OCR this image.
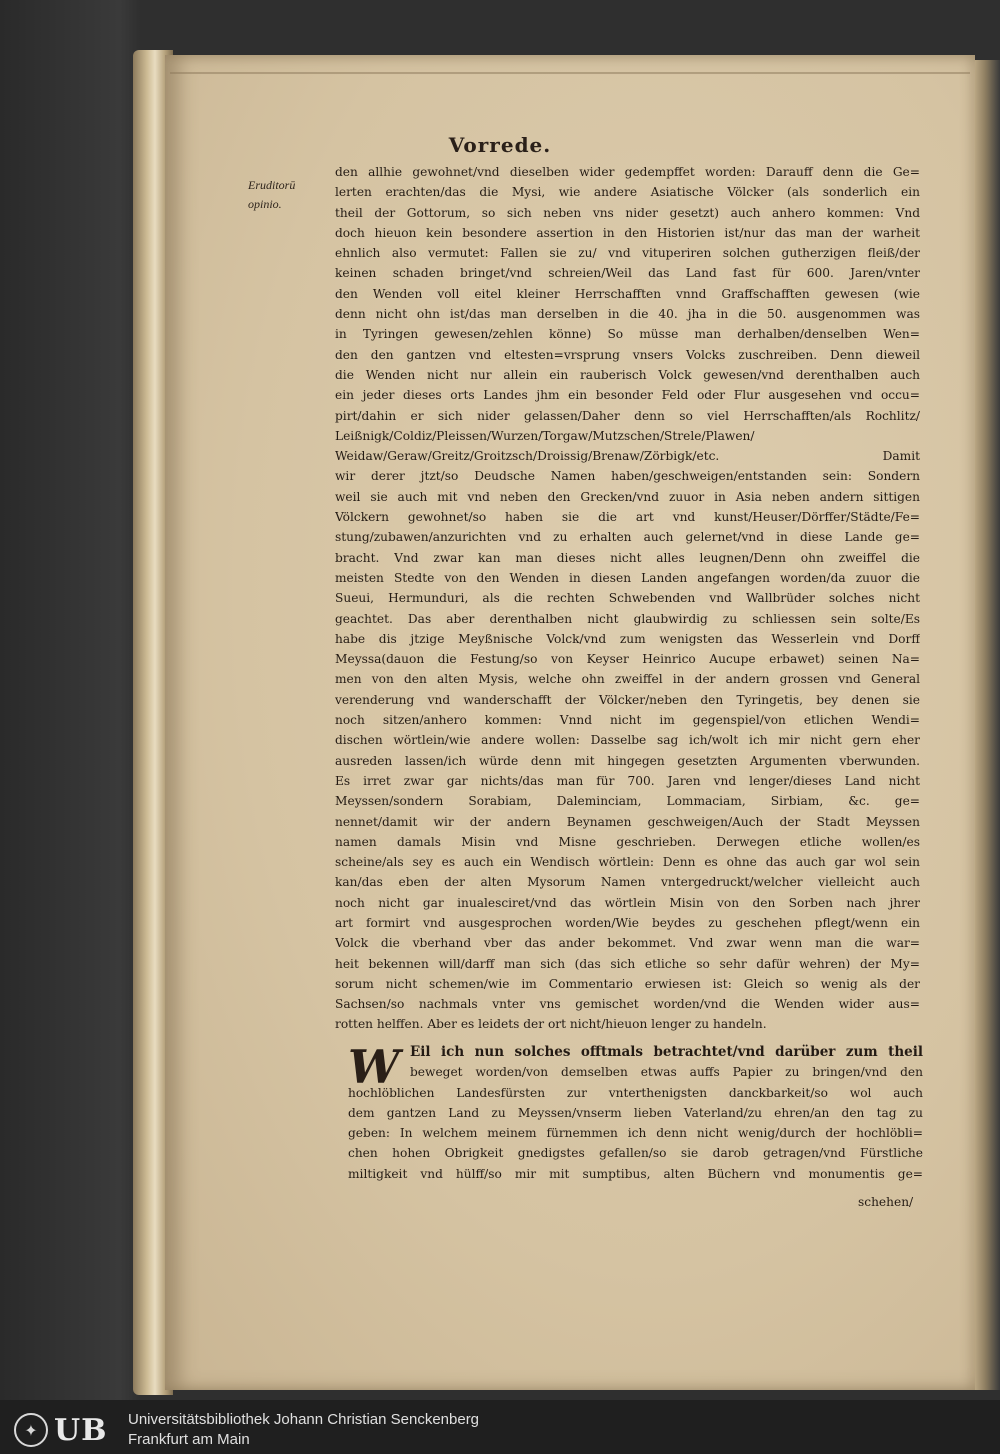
Vorrede.
Eruditorū
opinio.
den allhie gewohnet/vnd dieselben wider gedempffet worden: Darauff denn die Ge=
lerten erachten/das die Mysi, wie andere Asiatische Völcker (als sonderlich ein
theil der Gottorum, so sich neben vns nider gesetzt) auch anhero kommen: Vnd
doch hieuon kein besondere assertion in den Historien ist/nur das man der warheit
ehnlich also vermutet: Fallen sie zu/ vnd vituperiren solchen gutherzigen fleiß/der
keinen schaden bringet/vnd schreien/Weil das Land fast für 600. Jaren/vnter
den Wenden voll eitel kleiner Herrschafften vnnd Graffschafften gewesen (wie
denn nicht ohn ist/das man derselben in die 40. jha in die 50. ausgenommen was
in Tyringen gewesen/zehlen könne) So müsse man derhalben/denselben Wen=
den den gantzen vnd eltesten=vrsprung vnsers Volcks zuschreiben. Denn dieweil
die Wenden nicht nur allein ein rauberisch Volck gewesen/vnd derenthalben auch
ein jeder dieses orts Landes jhm ein besonder Feld oder Flur ausgesehen vnd occu=
pirt/dahin er sich nider gelassen/Daher denn so viel Herrschafften/als Rochlitz/
Leißnigk/Coldiz/Pleissen/Wurzen/Torgaw/Mutzschen/Strele/Plawen/
Weidaw/Geraw/Greitz/Groitzsch/Droissig/Brenaw/Zörbigk/etc. Damit
wir derer jtzt/so Deudsche Namen haben/geschweigen/entstanden sein: Sondern
weil sie auch mit vnd neben den Grecken/vnd zuuor in Asia neben andern sittigen
Völckern gewohnet/so haben sie die art vnd kunst/Heuser/Dörffer/Städte/Fe=
stung/zubawen/anzurichten vnd zu erhalten auch gelernet/vnd in diese Lande ge=
bracht. Vnd zwar kan man dieses nicht alles leugnen/Denn ohn zweiffel die
meisten Stedte von den Wenden in diesen Landen angefangen worden/da zuuor die
Sueui, Hermunduri, als die rechten Schwebenden vnd Wallbrüder solches nicht
geachtet. Das aber derenthalben nicht glaubwirdig zu schliessen sein solte/Es
habe dis jtzige Meyßnische Volck/vnd zum wenigsten das Wesserlein vnd Dorff
Meyssa(dauon die Festung/so von Keyser Heinrico Aucupe erbawet) seinen Na=
men von den alten Mysis, welche ohn zweiffel in der andern grossen vnd General
verenderung vnd wanderschafft der Völcker/neben den Tyringetis, bey denen sie
noch sitzen/anhero kommen: Vnnd nicht im gegenspiel/von etlichen Wendi=
dischen wörtlein/wie andere wollen: Dasselbe sag ich/wolt ich mir nicht gern eher
ausreden lassen/ich würde denn mit hingegen gesetzten Argumenten vberwunden.
Es irret zwar gar nichts/das man für 700. Jaren vnd lenger/dieses Land nicht
Meyssen/sondern Sorabiam, Daleminciam, Lommaciam, Sirbiam, &c. ge=
nennet/damit wir der andern Beynamen geschweigen/Auch der Stadt Meyssen
namen damals Misin vnd Misne geschrieben. Derwegen etliche wollen/es
scheine/als sey es auch ein Wendisch wörtlein: Denn es ohne das auch gar wol sein
kan/das eben der alten Mysorum Namen vntergedruckt/welcher vielleicht auch
noch nicht gar inualesciret/vnd das wörtlein Misin von den Sorben nach jhrer
art formirt vnd ausgesprochen worden/Wie beydes zu geschehen pflegt/wenn ein
Volck die vberhand vber das ander bekommet. Vnd zwar wenn man die war=
heit bekennen will/darff man sich (das sich etliche so sehr dafür wehren) der My=
sorum nicht schemen/wie im Commentario erwiesen ist: Gleich so wenig als der
Sachsen/so nachmals vnter vns gemischet worden/vnd die Wenden wider aus=
rotten helffen. Aber es leidets der ort nicht/hieuon lenger zu handeln.
W Eil ich nun solches offtmals betrachtet/vnd darüber zum theil
beweget worden/von demselben etwas auffs Papier zu bringen/vnd den
hochlöblichen Landesfürsten zur vnterthenigsten danckbarkeit/so wol auch
dem gantzen Land zu Meyssen/vnserm lieben Vaterland/zu ehren/an den tag zu
geben: In welchem meinem fürnemmen ich denn nicht wenig/durch der hochlöbli=
chen hohen Obrigkeit gnedigstes gefallen/so sie darob getragen/vnd Fürstliche
miltigkeit vnd hülff/so mir mit sumptibus, alten Büchern vnd monumentis ge=
schehen/
✦ UB Universitätsbibliothek Johann Christian Senckenberg
Frankfurt am Main
